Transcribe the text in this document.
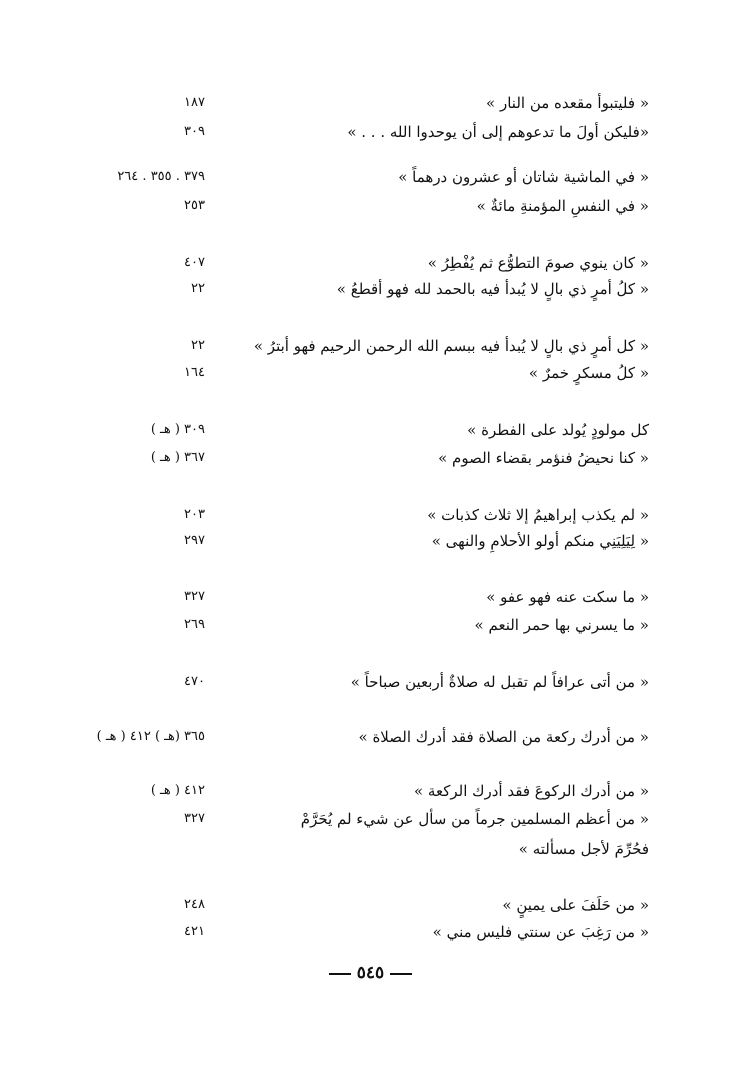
« فليتبوأ مقعده من النار »
١٨٧
«فليكن أولَ ما تدعوهم إلى أن يوحدوا الله . . . »
٣٠٩
« في الماشية شاتان أو عشرون درهماً »
٣٧٩ . ٣٥٥ . ٢٦٤
« في النفسِ المؤمنةِ مائةٌ »
٢٥٣
« كان ينوي صومَ التطوُّع ثم يُفْطِرُ »
٤٠٧
« كلُ أمرٍ ذي بالٍ لا يُبدأ فيه بالحمد لله فهو أقطعُ »
٢٢
« كل أمرٍ ذي بالٍ لا يُبدأ فيه ببسم الله الرحمن الرحيم فهو أبترُ »
٢٢
« كلُ مسكرٍ خمرٌ »
١٦٤
كل مولودٍ يُولد على الفطرة »
٣٠٩ ( هـ )
« كنا نحيضُ فنؤمر بقضاء الصوم »
٣٦٧ ( هـ )
« لم يكذب إبراهيمُ إلا ثلاث كذبات »
٢٠٣
« لِيَلِيَنِي منكم أولو الأحلامِ والنهى »
٢٩٧
« ما سكت عنه فهو عفو »
٣٢٧
« ما يسرني بها حمر النعم »
٢٦٩
« من أتى عرافاً لم تقبل له صلاةٌ أربعين صباحاً »
٤٧٠
« من أدرك ركعة من الصلاة فقد أدرك الصلاة »
٣٦٥ (هـ ) ٤١٢ ( هـ )
« من أدرك الركوعَ فقد أدرك الركعة »
٤١٢ ( هـ )
« من أعظم المسلمين جرماً من سأل عن شيء لم يُحَرَّمْ فحُرِّمَ لأجل مسألته »
٣٢٧
« من حَلَفَ على يمينٍ »
٢٤٨
« من رَغِبَ عن سنتي فليس مني »
٤٢١
٥٤٥
